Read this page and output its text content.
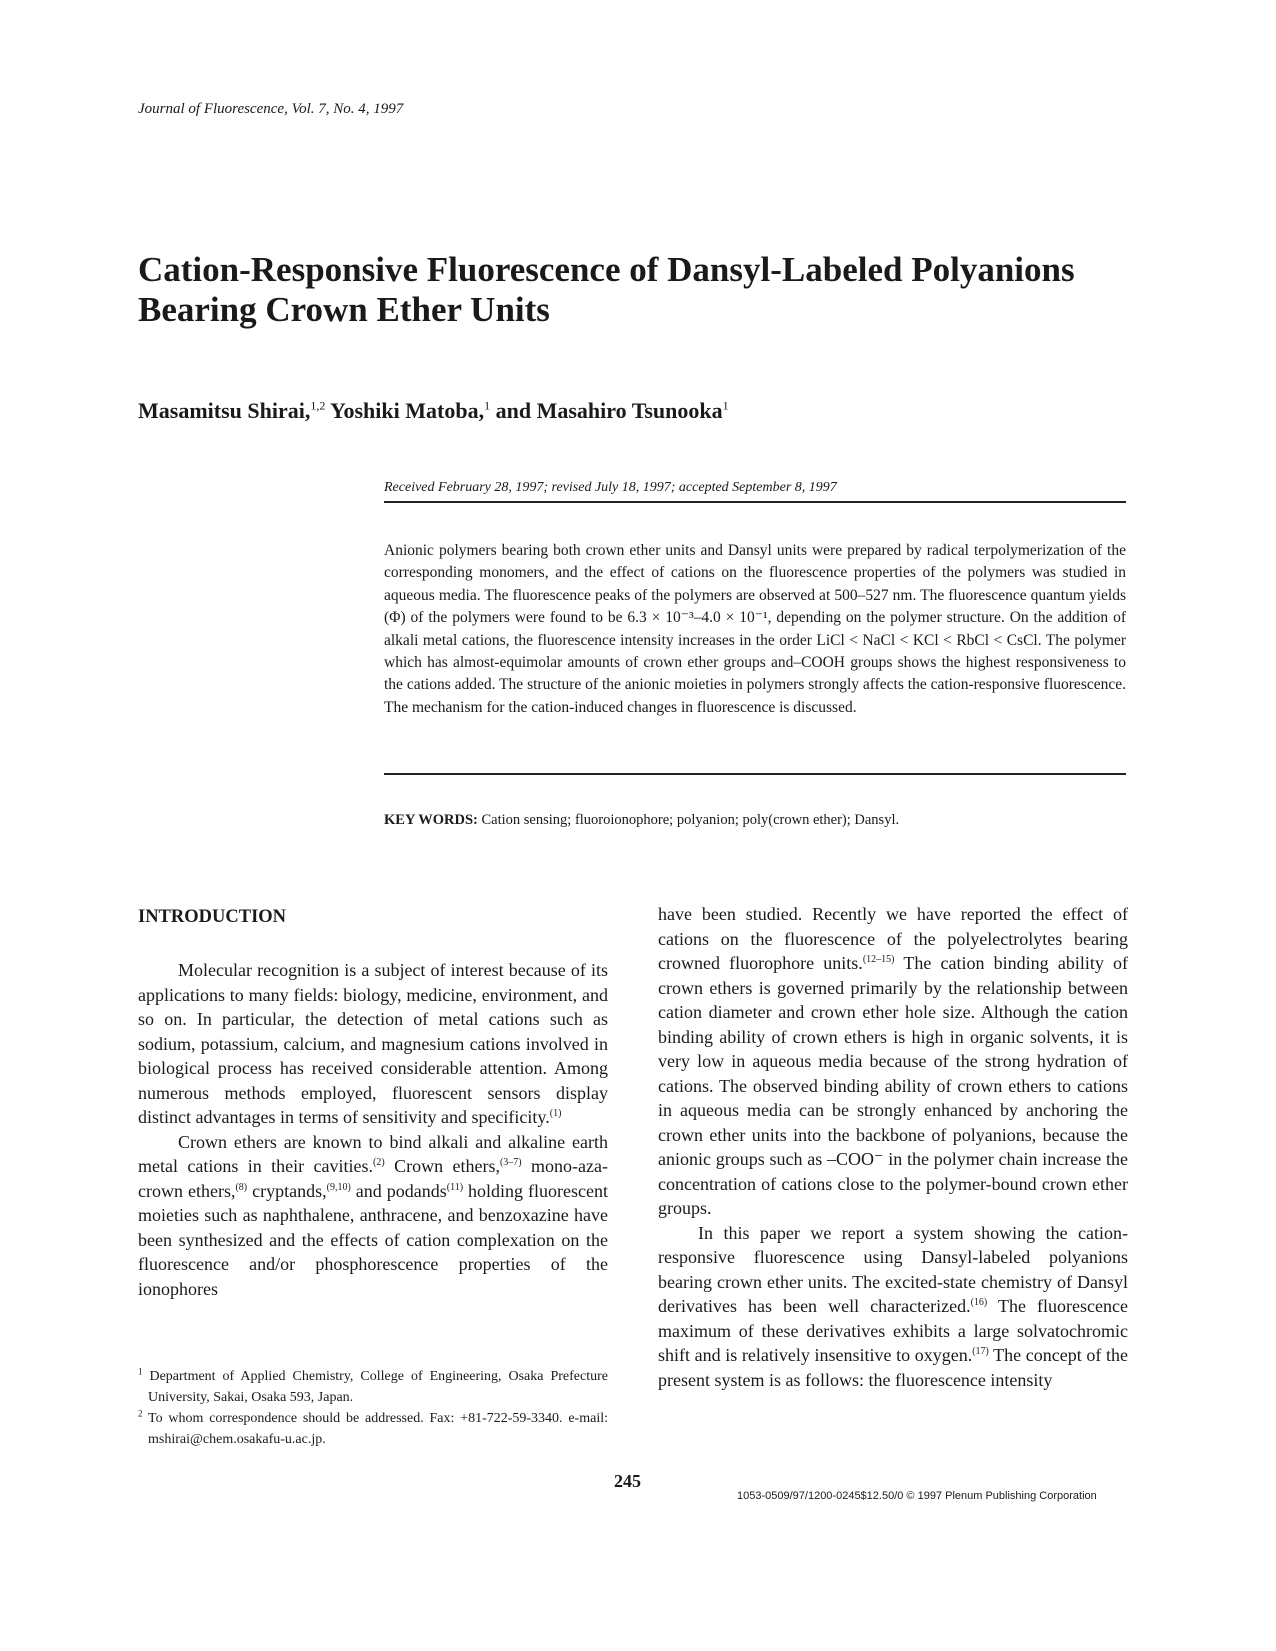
Journal of Fluorescence, Vol. 7, No. 4, 1997
Cation-Responsive Fluorescence of Dansyl-Labeled Polyanions Bearing Crown Ether Units
Masamitsu Shirai,$^{1,2}$ Yoshiki Matoba,$^1$ and Masahiro Tsunooka$^1$
Received February 28, 1997; revised July 18, 1997; accepted September 8, 1997
Anionic polymers bearing both crown ether units and Dansyl units were prepared by radical terpolymerization of the corresponding monomers, and the effect of cations on the fluorescence properties of the polymers was studied in aqueous media. The fluorescence peaks of the polymers are observed at 500–527 nm. The fluorescence quantum yields (Φ) of the polymers were found to be 6.3 × 10⁻³–4.0 × 10⁻¹, depending on the polymer structure. On the addition of alkali metal cations, the fluorescence intensity increases in the order LiCl < NaCl < KCl < RbCl < CsCl. The polymer which has almost-equimolar amounts of crown ether groups and–COOH groups shows the highest responsiveness to the cations added. The structure of the anionic moieties in polymers strongly affects the cation-responsive fluorescence. The mechanism for the cation-induced changes in fluorescence is discussed.
KEY WORDS: Cation sensing; fluoroionophore; polyanion; poly(crown ether); Dansyl.
INTRODUCTION

Molecular recognition is a subject of interest because of its applications to many fields: biology, medicine, environment, and so on. In particular, the detection of metal cations such as sodium, potassium, calcium, and magnesium cations involved in biological process has received considerable attention. Among numerous methods employed, fluorescent sensors display distinct advantages in terms of sensitivity and specificity.$^{(1)}$

Crown ethers are known to bind alkali and alkaline earth metal cations in their cavities.$^{(2)}$ Crown ethers,$^{(3-7)}$ mono-aza-crown ethers,$^{(8)}$ cryptands,$^{(9,10)}$ and podands$^{(11)}$ holding fluorescent moieties such as naphthalene, anthracene, and benzoxazine have been synthesized and the effects of cation complexation on the fluorescence and/or phosphorescence properties of the ionophores

$^1$ Department of Applied Chemistry, College of Engineering, Osaka Prefecture University, Sakai, Osaka 593, Japan.
$^2$ To whom correspondence should be addressed. Fax: +81-722-59-3340. e-mail: mshirai@chem.osakafu-u.ac.jp.

have been studied. Recently we have reported the effect of cations on the fluorescence of the polyelectrolytes bearing crowned fluorophore units.$^{(12-15)}$ The cation binding ability of crown ethers is governed primarily by the relationship between cation diameter and crown ether hole size. Although the cation binding ability of crown ethers is high in organic solvents, it is very low in aqueous media because of the strong hydration of cations. The observed binding ability of crown ethers to cations in aqueous media can be strongly enhanced by anchoring the crown ether units into the backbone of polyanions, because the anionic groups such as –COO⁻ in the polymer chain increase the concentration of cations close to the polymer-bound crown ether groups.

In this paper we report a system showing the cation-responsive fluorescence using Dansyl-labeled polyanions bearing crown ether units. The excited-state chemistry of Dansyl derivatives has been well characterized.$^{(16)}$ The fluorescence maximum of these derivatives exhibits a large solvatochromic shift and is relatively insensitive to oxygen.$^{(17)}$ The concept of the present system is as follows: the fluorescence intensity

245
1053-0509/97/1200-0245$12.50/0 © 1997 Plenum Publishing Corporation
